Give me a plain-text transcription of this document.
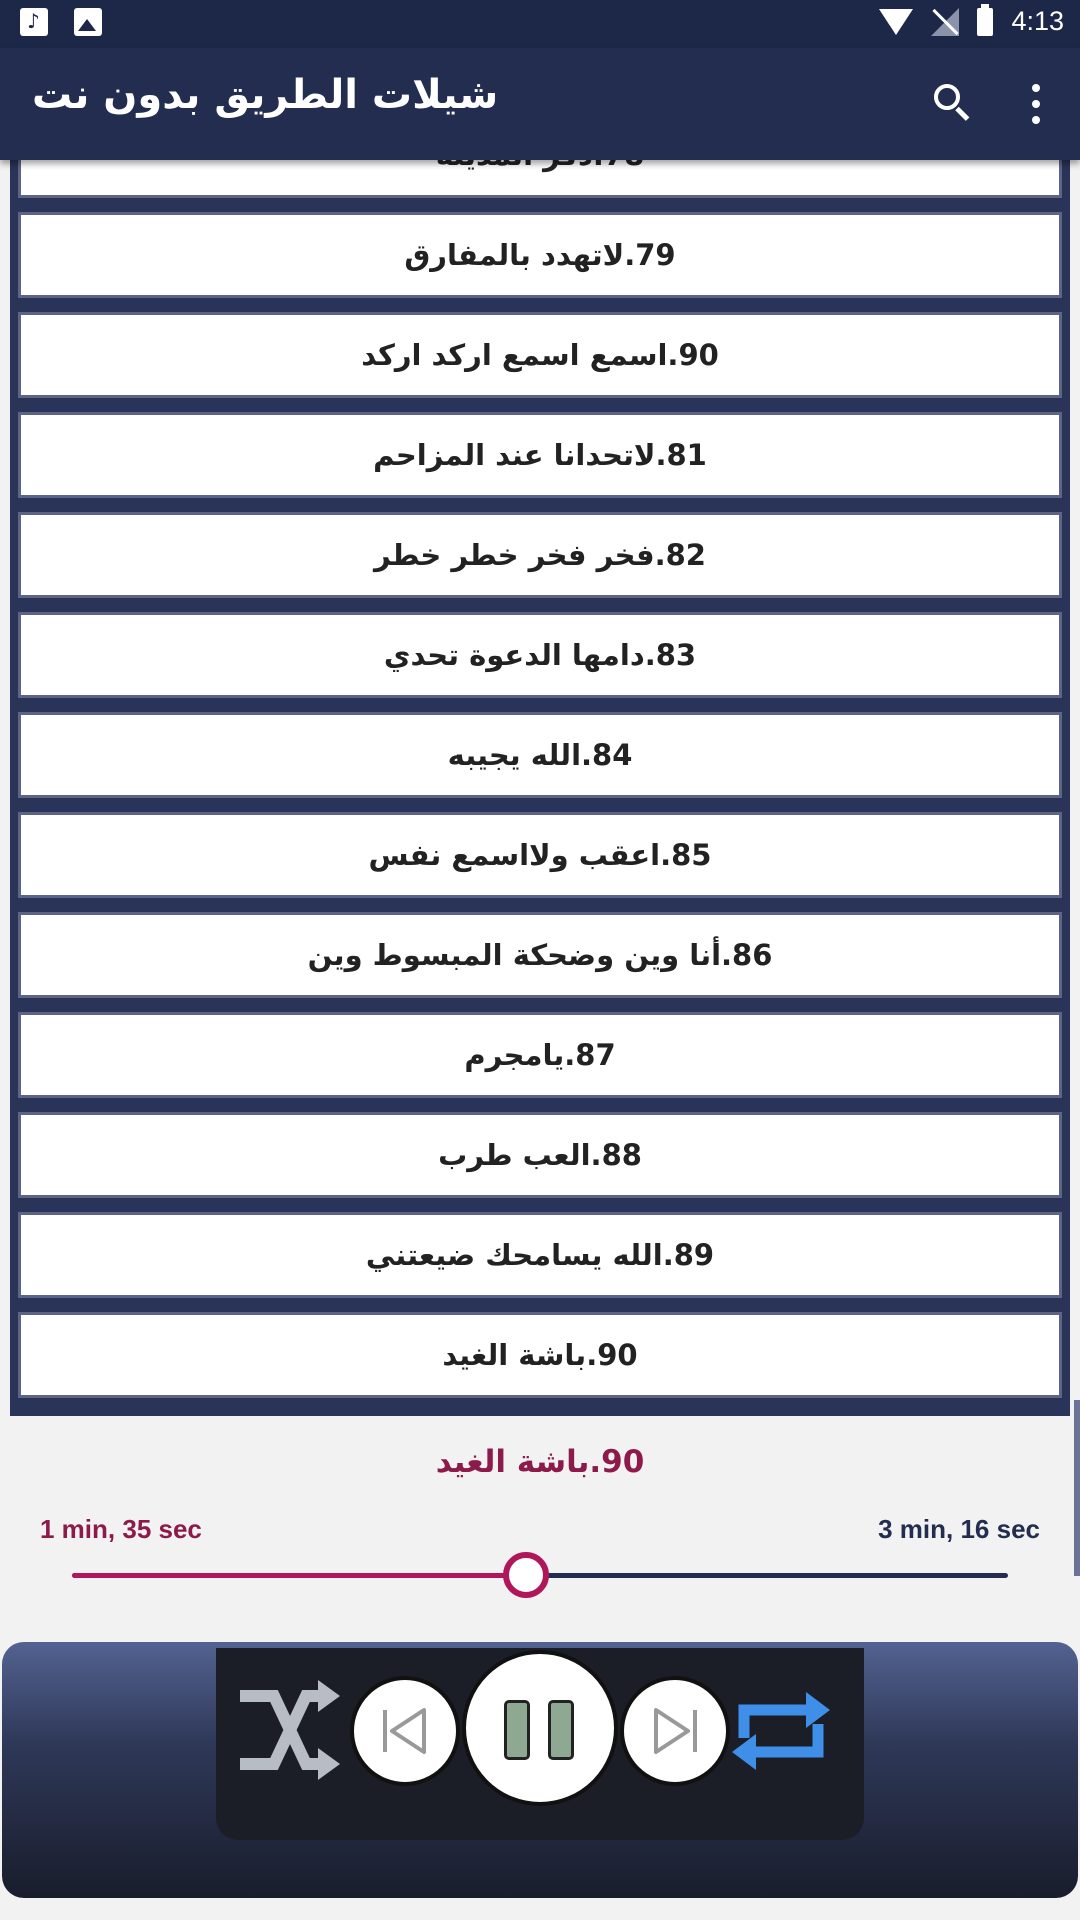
♪
4:13
شيلات الطريق بدون نت
79.لاتهدد بالمفارق
90.اسمع اسمع اركد اركد
81.لاتحدانا عند المزاحم
82.فخر فخر خطر خطر
83.دامها الدعوة تحدي
84.الله يجيبه
85.اعقب ولااسمع نفس
86.أنا وين وضحكة المبسوط وين
87.يامجرم
88.العب طرب
89.الله يسامحك ضيعتني
90.باشة الغيد
90.باشة الغيد
1 min, 35 sec	3 min, 16 sec
